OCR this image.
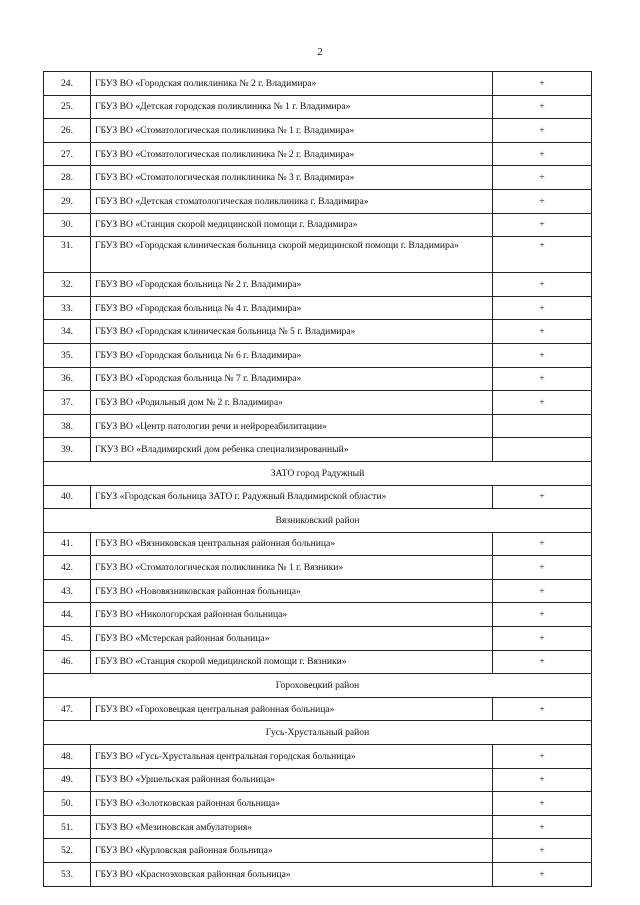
2
24.	ГБУЗ ВО «Городская поликлиника № 2 г. Владимира»	+
25.	ГБУЗ ВО «Детская городская поликлиника № 1 г. Владимира»	+
26.	ГБУЗ ВО «Стоматологическая поликлиника № 1 г. Владимира»	+
27.	ГБУЗ ВО «Стоматологическая поликлиника № 2 г. Владимира»	+
28.	ГБУЗ ВО «Стоматологическая поликлиника № 3 г. Владимира»	+
29.	ГБУЗ ВО «Детская стоматологическая поликлиника г. Владимира»	+
30.	ГБУЗ ВО «Станция скорой медицинской помощи г. Владимира»	+
31.	ГБУЗ ВО «Городская клиническая больница скорой медицинской помощи г. Владимира»	+
32.	ГБУЗ ВО «Городская больница № 2 г. Владимира»	+
33.	ГБУЗ ВО «Городская больница № 4 г. Владимира»	+
34.	ГБУЗ ВО «Городская клиническая больница № 5 г. Владимира»	+
35.	ГБУЗ ВО «Городская больница № 6 г. Владимира»	+
36.	ГБУЗ ВО «Городская больница № 7 г. Владимира»	+
37.	ГБУЗ ВО «Родильный дом № 2 г. Владимира»	+
38.	ГБУЗ ВО «Центр патологии речи и нейрореабилитации»	
39.	ГКУЗ ВО «Владимирский дом ребенка специализированный»	
ЗАТО город Радужный		
40.	ГБУЗ «Городская больница ЗАТО г. Радужный Владимирской области»	+
Вязниковский район		
41.	ГБУЗ ВО «Вязниковская центральная районная больница»	+
42.	ГБУЗ ВО «Стоматологическая поликлиника № 1 г. Вязники»	+
43.	ГБУЗ ВО «Нововязниковская районная больница»	+
44.	ГБУЗ ВО «Никологорская районная больница»	+
45.	ГБУЗ ВО «Мстерская районная больница»	+
46.	ГБУЗ ВО «Станция скорой медицинской помощи г. Вязники»	+
Гороховецкий район		
47.	ГБУЗ ВО «Гороховецкая центральная районная больница»	+
Гусь-Хрустальный район		
48.	ГБУЗ ВО «Гусь-Хрустальная центральная городская больница»	+
49.	ГБУЗ ВО «Уршельская районная больница»	+
50.	ГБУЗ ВО «Золотковская районная больница»	+
51.	ГБУЗ ВО «Мезиновская амбулатория»	+
52.	ГБУЗ ВО «Курловская районная больница»	+
53.	ГБУЗ ВО «Красноэховская районная больница»	+
